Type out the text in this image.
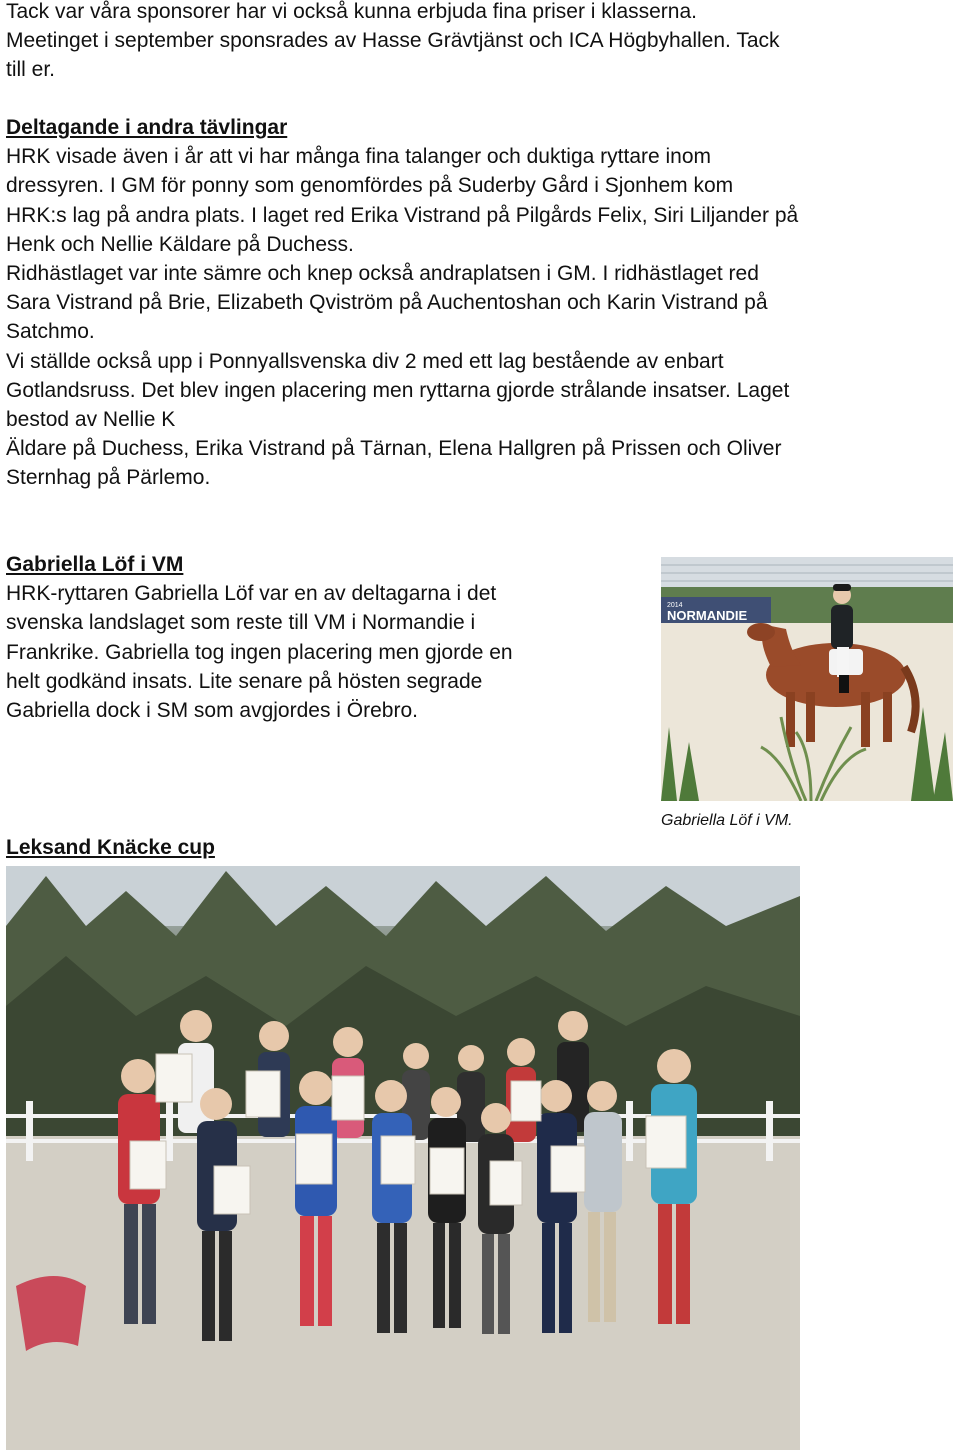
Tack var våra sponsorer har vi också kunna erbjuda fina priser i klasserna.
Meetinget i september sponsrades av Hasse Grävtjänst och ICA Högbyhallen. Tack
till er.
Deltagande i andra tävlingar
HRK visade även i år att vi har många fina talanger och duktiga ryttare inom
dressyren. I GM för ponny som genomfördes på Suderby Gård i Sjonhem kom
HRK:s lag på andra plats. I laget red Erika Vistrand på Pilgårds Felix, Siri Liljander på
Henk och Nellie Käldare på Duchess.
Ridhästlaget var inte sämre och knep också andraplatsen i GM. I ridhästlaget red
Sara Vistrand på Brie, Elizabeth Qviström på Auchentoshan och Karin Vistrand på
Satchmo.
Vi ställde också upp i Ponnyallsvenska div 2 med ett lag bestående av enbart
Gotlandsruss. Det blev ingen placering men ryttarna gjorde strålande insatser. Laget
bestod av Nellie K
Äldare på Duchess, Erika Vistrand på Tärnan, Elena Hallgren på Prissen och Oliver
Sternhag på Pärlemo.
Gabriella Löf i VM
HRK-ryttaren Gabriella Löf var en av deltagarna i det
svenska landslaget som reste till VM i Normandie i
Frankrike. Gabriella tog ingen placering men gjorde en
helt godkänd insats. Lite senare på hösten segrade
Gabriella dock i SM som avgjordes i Örebro.
NORMANDIE
2014
Gabriella Löf i VM.
Leksand Knäcke cup
